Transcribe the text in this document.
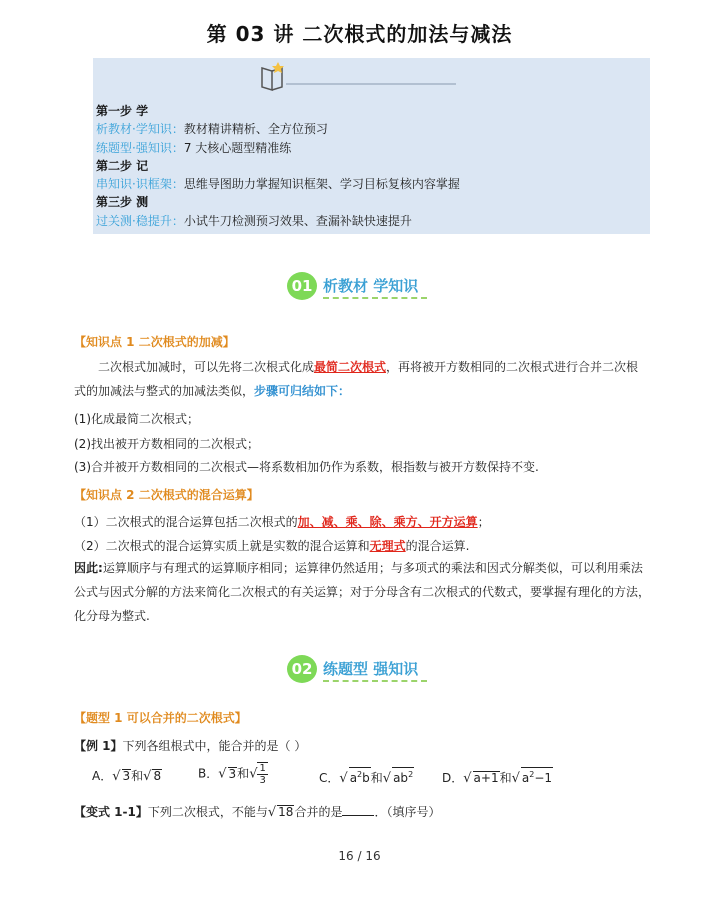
第 03 讲 二次根式的加法与减法
第一步 学
析教材·学知识：教材精讲精析、全方位预习
练题型·强知识：7 大核心题型精准练
第二步 记
串知识·识框架：思维导图助力掌握知识框架、学习目标复核内容掌握
第三步 测
过关测·稳提升：小试牛刀检测预习效果、查漏补缺快速提升
01 析教材 学知识
【知识点 1 二次根式的加减】
二次根式加减时，可以先将二次根式化成最简二次根式，再将被开方数相同的二次根式进行合并二次根式的加减法与整式的加减法类似，步骤可归结如下：
(1)化成最简二次根式；
(2)找出被开方数相同的二次根式；
(3)合并被开方数相同的二次根式—将系数相加仍作为系数，根指数与被开方数保持不变.
【知识点 2 二次根式的混合运算】
（1）二次根式的混合运算包括二次根式的加、减、乘、除、乘方、开方运算；
（2）二次根式的混合运算实质上就是实数的混合运算和无理式的混合运算.
因此:运算顺序与有理式的运算顺序相同；运算律仍然适用；与多项式的乘法和因式分解类似，可以利用乘法公式与因式分解的方法来简化二次根式的有关运算；对于分母含有二次根式的代数式，要掌握有理化的方法，化分母为整式.
02 练题型 强知识
【题型 1 可以合并的二次根式】
【例 1】下列各组根式中，能合并的是（ ）
A．√ 3和√ 8	B．√ 3和√ $\frac{1}{3}$	C．√ $a^2b$和√ $ab^2$ D．√ a+1和√ $a^2-1$
【变式 1-1】下列二次根式，不能与√ 18合并的是	．（填序号）
16 / 16
